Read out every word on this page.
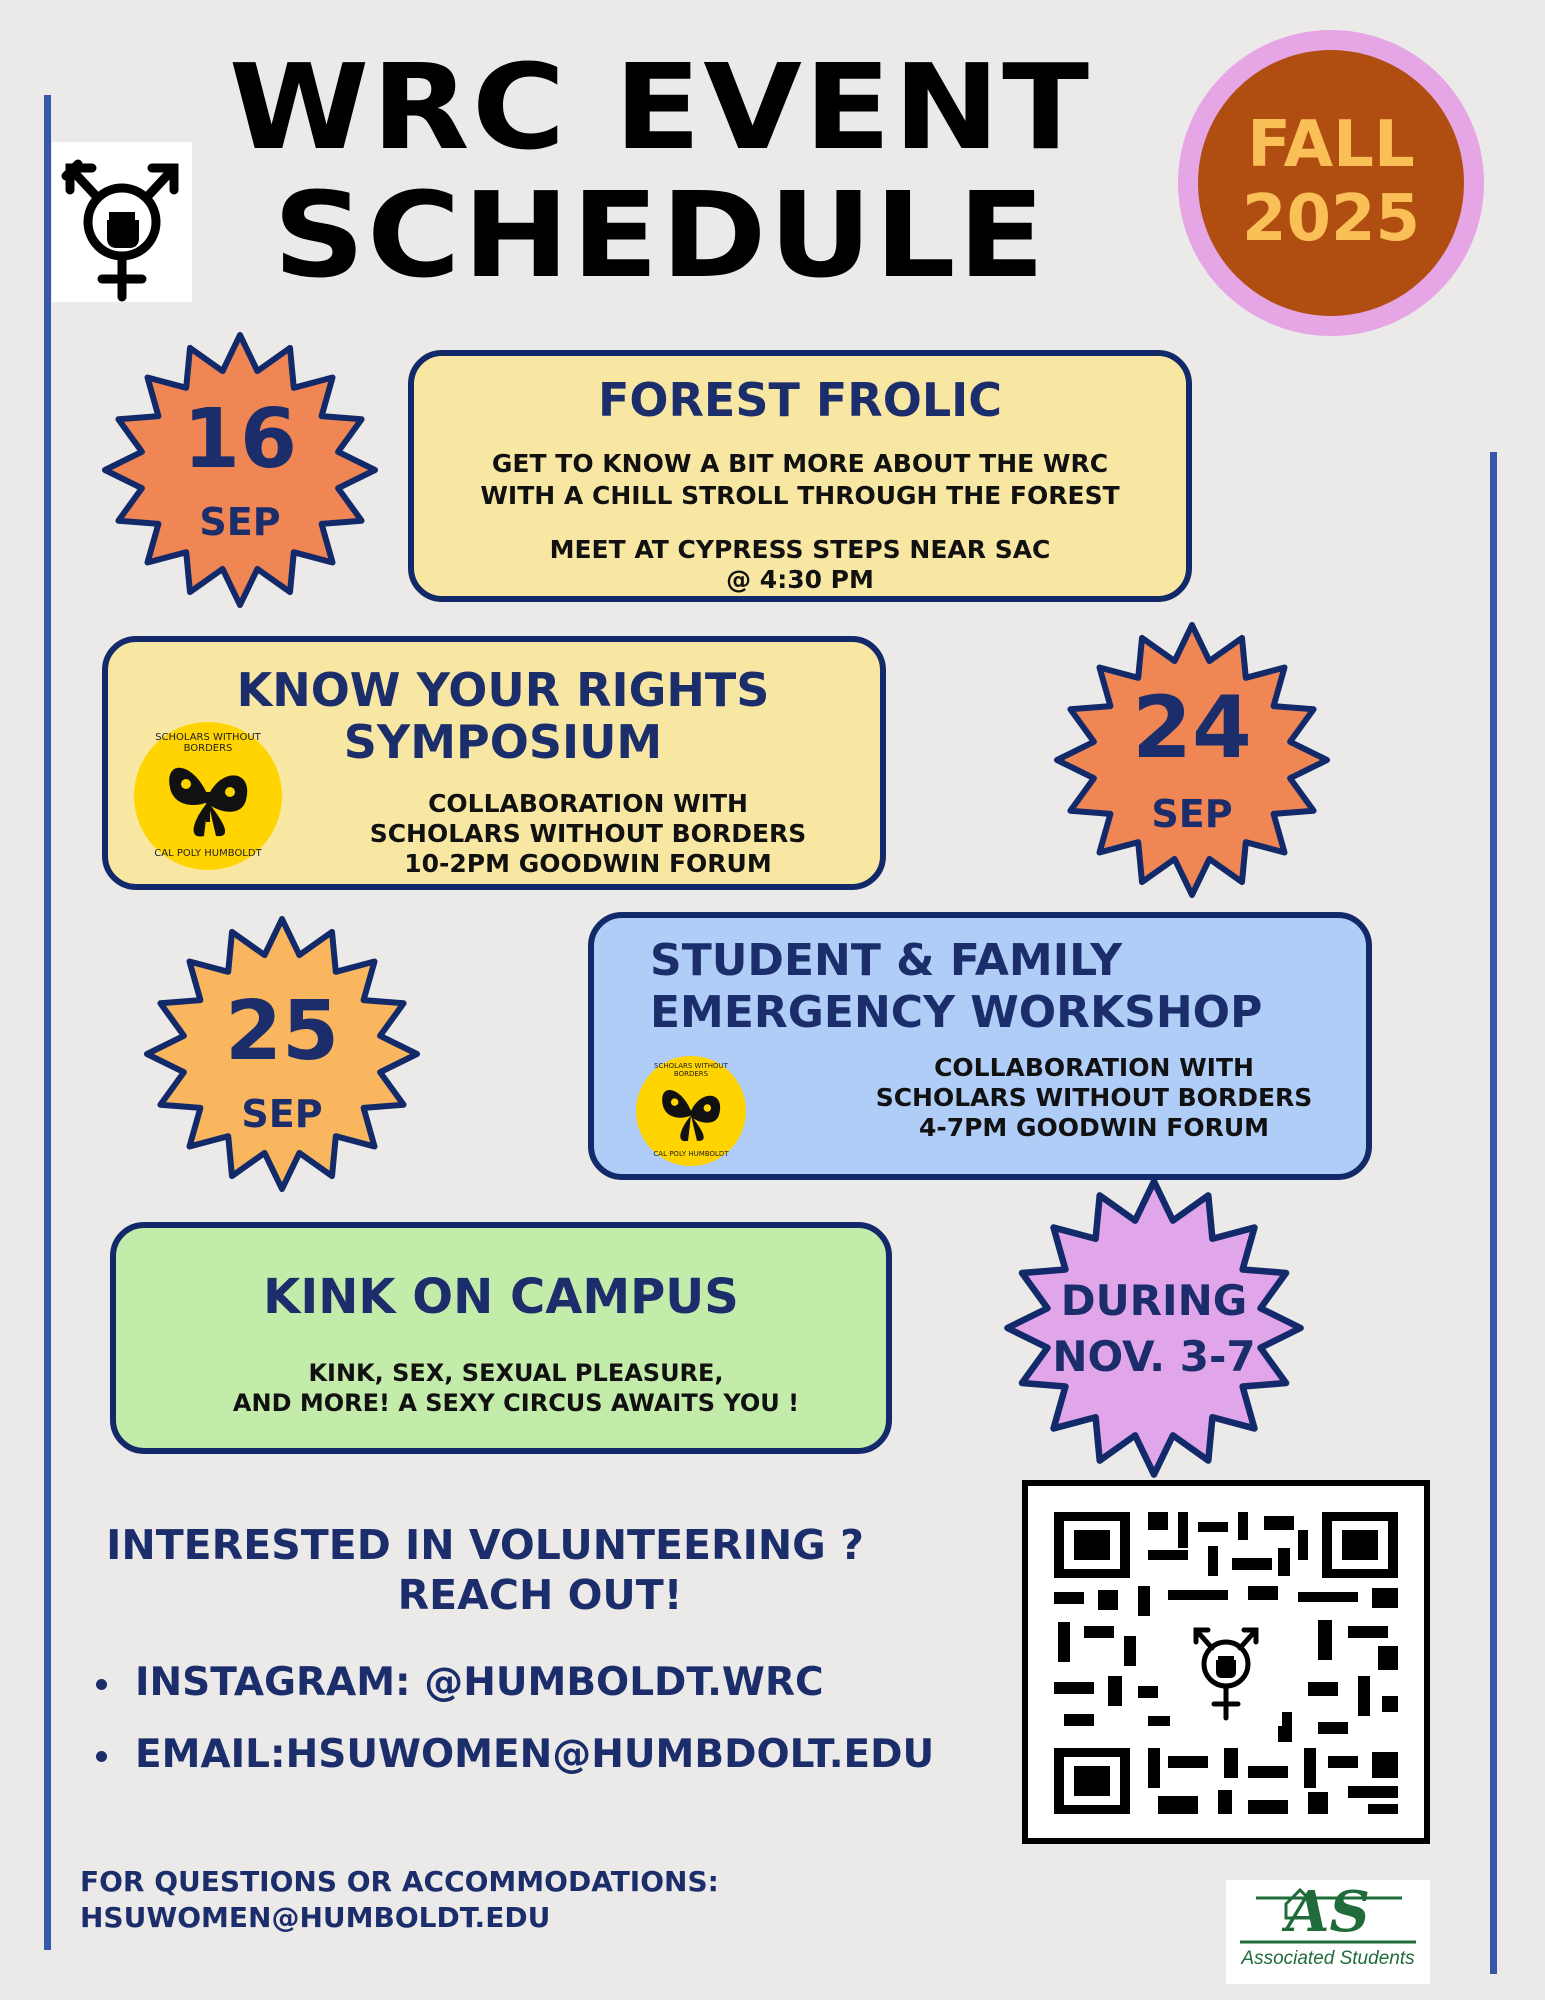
WRC EVENT
SCHEDULE
FALL
2025
16
SEP
FOREST FROLIC
GET TO KNOW A BIT MORE ABOUT THE WRC
WITH A CHILL STROLL THROUGH THE FOREST
MEET AT CYPRESS STEPS NEAR SAC
@ 4:30 PM
KNOW YOUR RIGHTS
SYMPOSIUM
SCHOLARS WITHOUT BORDERS
CAL POLY HUMBOLDT
COLLABORATION WITH
SCHOLARS WITHOUT BORDERS
10-2PM GOODWIN FORUM
24
SEP
25
SEP
STUDENT & FAMILY
EMERGENCY WORKSHOP
SCHOLARS WITHOUT BORDERS
CAL POLY HUMBOLDT
COLLABORATION WITH
SCHOLARS WITHOUT BORDERS
4-7PM GOODWIN FORUM
KINK ON CAMPUS
KINK, SEX, SEXUAL PLEASURE,
AND MORE! A SEXY CIRCUS AWAITS YOU !
DURING
NOV. 3-7
INTERESTED IN VOLUNTEERING ?
REACH OUT!
INSTAGRAM: @HUMBOLDT.WRC
EMAIL:HSUWOMEN@HUMBDOLT.EDU
FOR QUESTIONS OR ACCOMMODATIONS:
HSUWOMEN@HUMBOLDT.EDU	AS
Associated Students
